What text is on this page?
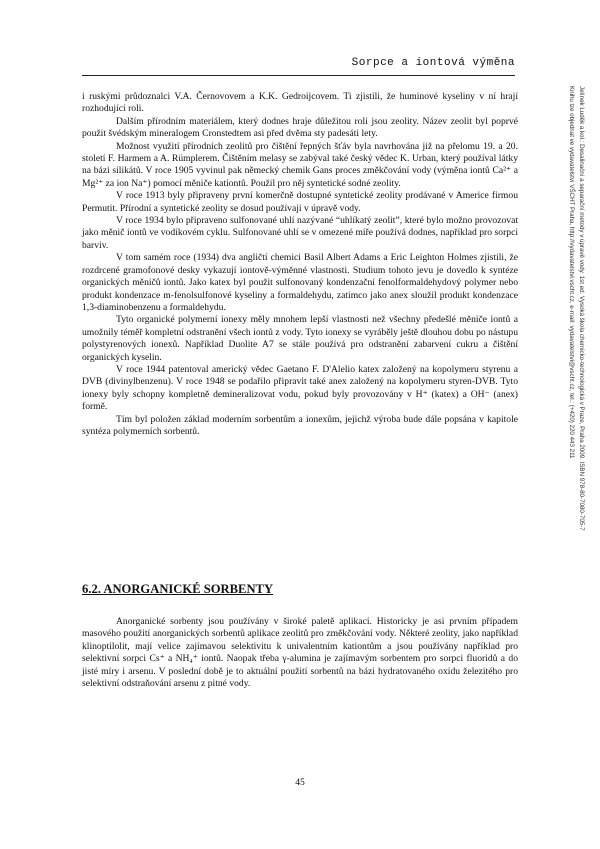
Sorpce a iontová výměna

i ruskými průdoznalci V.A. Černovovem a K.K. Gedroijcovem. Ti zjistili, že huminové kyseliny v ní hrají rozhodující roli.

Dalším přírodním materiálem, který dodnes hraje důležitou roli jsou zeolity. Název zeolit byl poprvé použit švédským mineralogem Cronstedtem asi před dvěma sty padesáti lety.

Možnost využití přírodních zeolitů pro čištění řepných šťáv byla navrhována již na přelomu 19. a 20. století F. Harmem a A. Rümplerem. Čištěním melasy se zabýval také český vědec K. Urban, který používal látky na bázi silikátů. V roce 1905 vyvinul pak německý chemik Gans proces změkčování vody (výměna iontů Ca²⁺ a Mg²⁺ za ion Na⁺) pomocí měniče kationtů. Použil pro něj syntetické sodné zeolity.

V roce 1913 byly připraveny první komerčně dostupné syntetické zeolity prodávané v Americe firmou Permutit. Přírodní a syntetické zeolity se dosud používají v úpravě vody.

V roce 1934 bylo připraveno sulfonované uhlí nazývané “uhlíkatý zeolit”, které bylo možno provozovat jako měnič iontů ve vodíkovém cyklu. Sulfonované uhlí se v omezené míře používá dodnes, například pro sorpci barviv.

V tom samém roce (1934) dva angličtí chemici Basil Albert Adams a Eric Leighton Holmes zjistili, že rozdrcené gramofonové desky vykazují iontově-výměnné vlastnosti. Studium tohoto jevu je dovedlo k syntéze organických měničů iontů. Jako katex byl použit sulfonovaný kondenzační fenolformaldehydový polymer nebo produkt kondenzace m-fenolsulfonové kyseliny a formaldehydu, zatímco jako anex sloužil produkt kondenzace 1,3-diaminobenzenu a formaldehydu.

Tyto organické polymerní ionexy měly mnohem lepší vlastnosti než všechny předešlé měniče iontů a umožnily téměř kompletní odstranění všech iontů z vody. Tyto ionexy se vyráběly ještě dlouhou dobu po nástupu polystyrenových ionexů. Například Duolite A7 se stále používá pro odstranění zabarvení cukru a čištění organických kyselin.

V roce 1944 patentoval americký vědec Gaetano F. D'Alelio katex založený na kopolymeru styrenu a DVB (divinylbenzenu). V roce 1948 se podařilo připravit také anex založený na kopolymeru styren-DVB. Tyto ionexy byly schopny kompletně demineralizovat vodu, pokud byly provozovány v H⁺ (katex) a OH⁻ (anex) formě.

Tím byl položen základ moderním sorbentům a ionexům, jejichž výroba bude dále popsána v kapitole syntéza polymerních sorbentů.

6.2. ANORGANICKÉ SORBENTY

Anorganické sorbenty jsou používány v široké paletě aplikací. Historicky je asi prvním případem masového použití anorganických sorbentů aplikace zeolitů pro změkčování vody. Některé zeolity, jako například klinoptilolit, mají velice zajímavou selektivitu k univalentním kationtům a jsou používány například pro selektivní sorpci Cs⁺ a NH₄⁺ iontů. Naopak třeba γ-alumina je zajímavým sorbentem pro sorpci fluoridů a do jisté míry i arsenu. V poslední době je to aktuální použití sorbentů na bázi hydratovaného oxidu železitého pro selektivní odstraňování arsenu z pitné vody.

45
Jelínek Luděk a kol.: Desalinační a separační metody v úpravě vody. 1st ed. Vysoká škola chemicko-technologická v Praze, Praha 2009. ISBN 978-80-7080-705-7
Knihu lze objednat ve vydavatelství VŠCHT Praha, http://vydavatelstvi.vscht.cz, e-mail: vydavatelstvi@vscht.cz, tel.: (+420) 220 443 211
